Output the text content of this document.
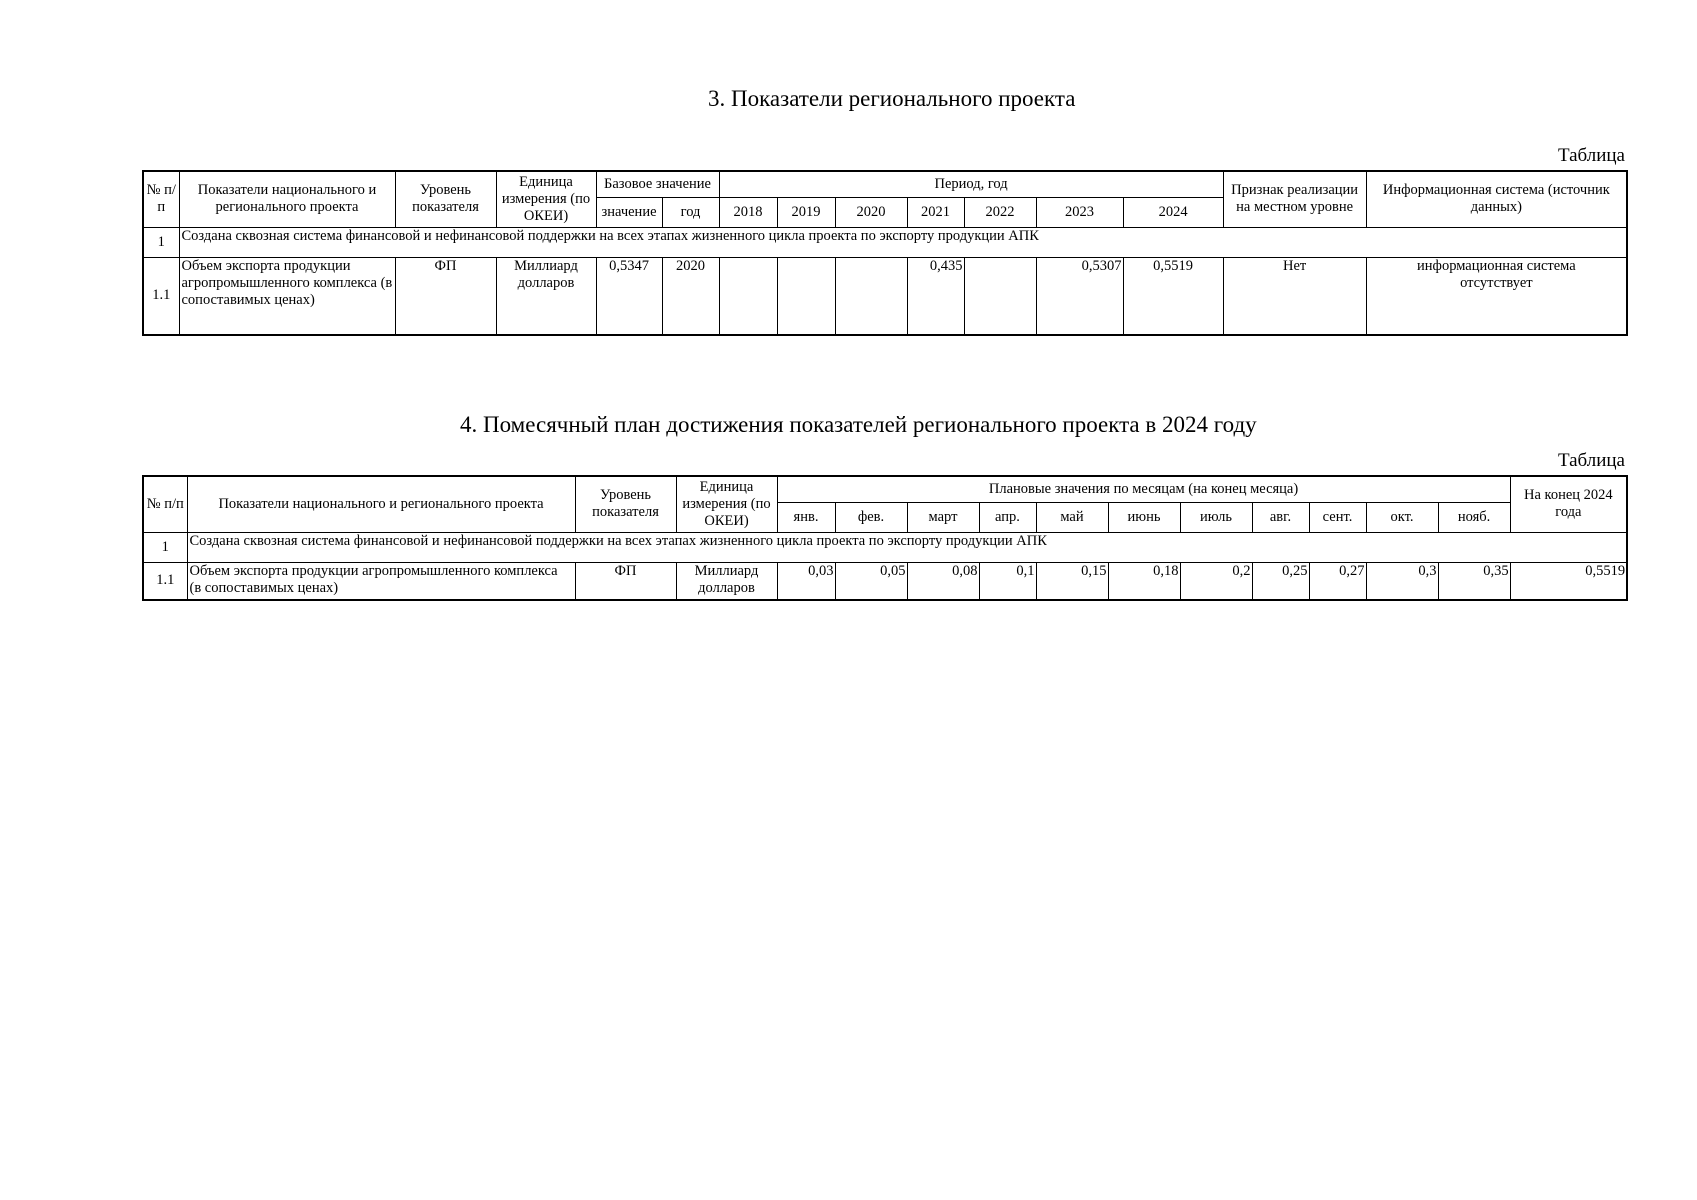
3. Показатели регионального проекта
Таблица
№ п/п	Показатели национального и регионального проекта	Уровень показателя	Единица измерения (по ОКЕИ)	Базовое значение		Период, год							Признак реализации на местном уровне	Информационная система (источник данных)
				значение	год	2018	2019	2020	2021	2022	2023	2024		
1	Создана сквозная система финансовой и нефинансовой поддержки на всех этапах жизненного цикла проекта по экспорту продукции АПК													
1.1	Объем экспорта продукции агропромышленного комплекса (в сопоставимых ценах)	ФП	Миллиард долларов	0,5347	2020				0,435		0,5307	0,5519	Нет	информационная система отсутствует
4. Помесячный план достижения показателей регионального проекта в 2024 году
Таблица
№ п/п	Показатели национального и регионального проекта	Уровень показателя	Единица измерения (по ОКЕИ)	Плановые значения по месяцам (на конец месяца)											На конец 2024 года
				янв.	фев.	март	апр.	май	июнь	июль	авг.	сент.	окт.	нояб.	
1	Создана сквозная система финансовой и нефинансовой поддержки на всех этапах жизненного цикла проекта по экспорту продукции АПК														
1.1	Объем экспорта продукции агропромышленного комплекса (в сопоставимых ценах)	ФП	Миллиард долларов	0,03	0,05	0,08	0,1	0,15	0,18	0,2	0,25	0,27	0,3	0,35	0,5519
